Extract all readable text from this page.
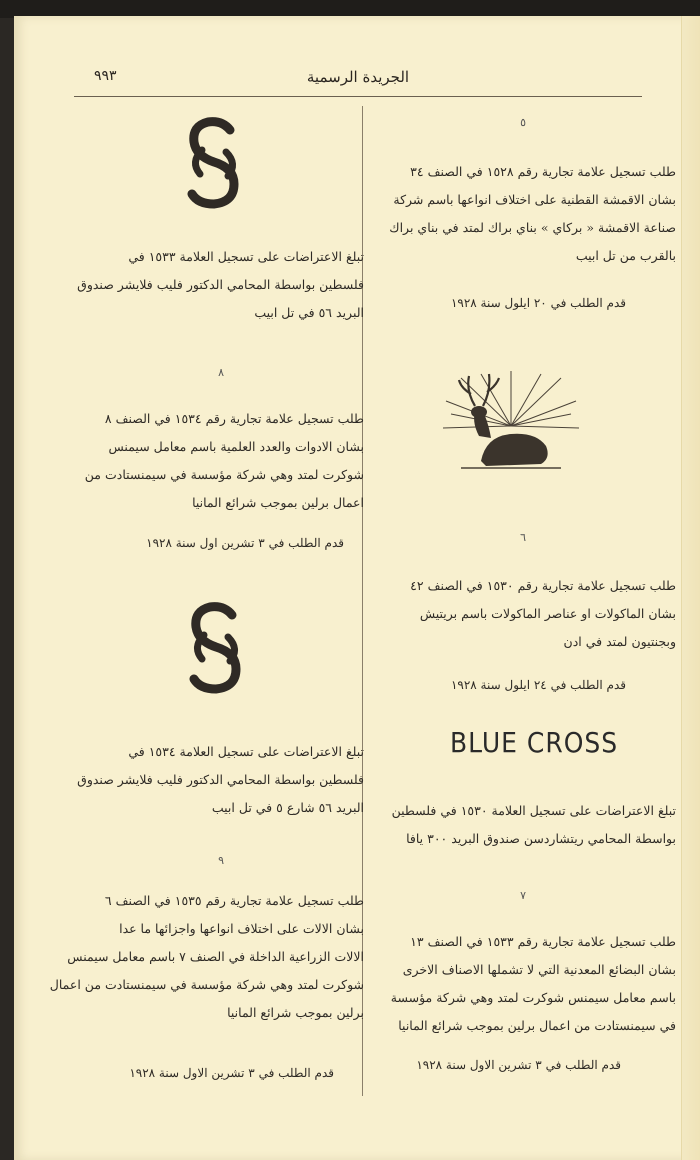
الجريدة الرسمية
٩٩٣
٥
طلب تسجيل علامة تجارية رقم ١٥٢٨ في الصنف ٣٤
بشان الاقمشة القطنية على اختلاف انواعها باسم شركة
صناعة الاقمشة « بركاي » بناي براك لمتد في بناي براك
بالقرب من تل ابيب
قدم الطلب في ٢٠ ايلول سنة ١٩٢٨
٦
طلب تسجيل علامة تجارية رقم ١٥٣٠ في الصنف ٤٢
بشان الماكولات او عناصر الماكولات باسم بريتيش
وبجنتيون لمتد في ادن
قدم الطلب في ٢٤ ايلول سنة ١٩٢٨
BLUE CROSS
تبلغ الاعتراضات على تسجيل العلامة ١٥٣٠ في فلسطين
بواسطة المحامي ريتشاردسن صندوق البريد ٣٠٠ يافا
٧
طلب تسجيل علامة تجارية رقم ١٥٣٣ في الصنف ١٣
بشان البضائع المعدنية التي لا تشملها الاصناف الاخرى
باسم معامل سيمنس شوكرت لمتد وهي شركة مؤسسة
في سيمنستادت من اعمال برلين بموجب شرائع المانيا
قدم الطلب في ٣ تشرين الاول سنة ١٩٢٨
تبلغ الاعتراضات على تسجيل العلامة ١٥٣٣ في
فلسطين بواسطة المحامي الدكتور فليب فلايشر صندوق
البريد ٥٦ في تل ابيب
٨
طلب تسجيل علامة تجارية رقم ١٥٣٤ في الصنف ٨
بشان الادوات والعدد العلمية باسم معامل سيمنس
شوكرت لمتد وهي شركة مؤسسة في سيمنستادت من
اعمال برلين بموجب شرائع المانيا
قدم الطلب في ٣ تشرين اول سنة ١٩٢٨
تبلغ الاعتراضات على تسجيل العلامة ١٥٣٤ في
فلسطين بواسطة المحامي الدكتور فليب فلايشر صندوق
البريد ٥٦ شارع ٥ في تل ابيب
٩
طلب تسجيل علامة تجارية رقم ١٥٣٥ في الصنف ٦
بشان الالات على اختلاف انواعها واجزائها ما عدا
الالات الزراعية الداخلة في الصنف ٧ باسم معامل سيمنس
شوكرت لمتد وهي شركة مؤسسة في سيمنستادت من اعمال
برلين بموجب شرائع المانيا
قدم الطلب في ٣ تشرين الاول سنة ١٩٢٨
